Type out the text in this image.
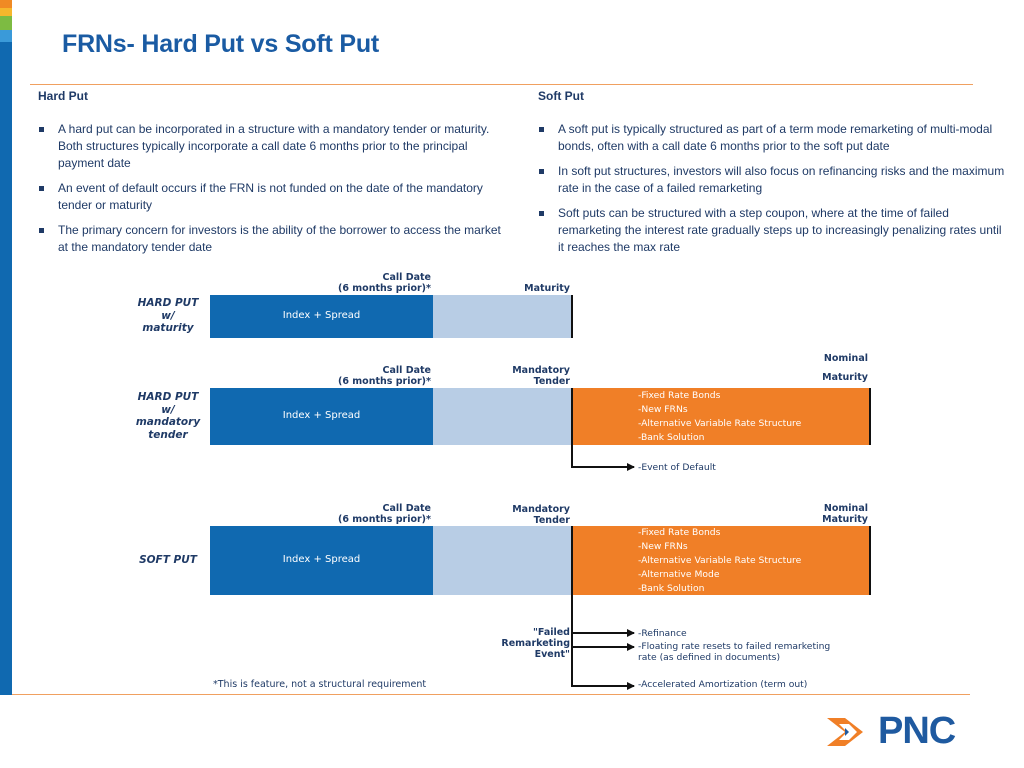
FRNs- Hard Put vs Soft Put
Hard Put
A hard put can be incorporated in a structure with a mandatory tender or maturity. Both structures typically incorporate a call date 6 months prior to the principal payment date
An event of default occurs if the FRN is not funded on the date of the mandatory tender or maturity
The primary concern for investors is the ability of the borrower to access the market at the mandatory tender date
Soft Put
A soft put is typically structured as part of a term mode remarketing of multi-modal bonds, often with a call date 6 months prior to the soft put date
In soft put structures, investors will also focus on refinancing risks and the maximum rate in the case of a failed remarketing
Soft puts can be structured with a step coupon, where at the time of failed remarketing the interest rate gradually steps up to increasingly penalizing rates until it reaches the max rate
Call Date
(6 months prior)*	Maturity
HARD PUT
w/
maturity
Index + Spread
Nominal
Maturity
Call Date
(6 months prior)*
Mandatory
Tender
HARD PUT
w/
mandatory
tender
Index + Spread
-Fixed Rate Bonds
-New FRNs
-Alternative Variable Rate Structure
-Bank Solution
-Event of Default
Call Date
(6 months prior)*
Mandatory
Tender
Nominal
Maturity
SOFT PUT	Index + Spread
-Fixed Rate Bonds
-New FRNs
-Alternative Variable Rate Structure
-Alternative Mode
-Bank Solution
"Failed
Remarketing
Event"
-Refinance
-Floating rate resets to failed remarketing
rate (as defined in documents)
-Accelerated Amortization (term out)
*This is feature, not a structural requirement
PNC
